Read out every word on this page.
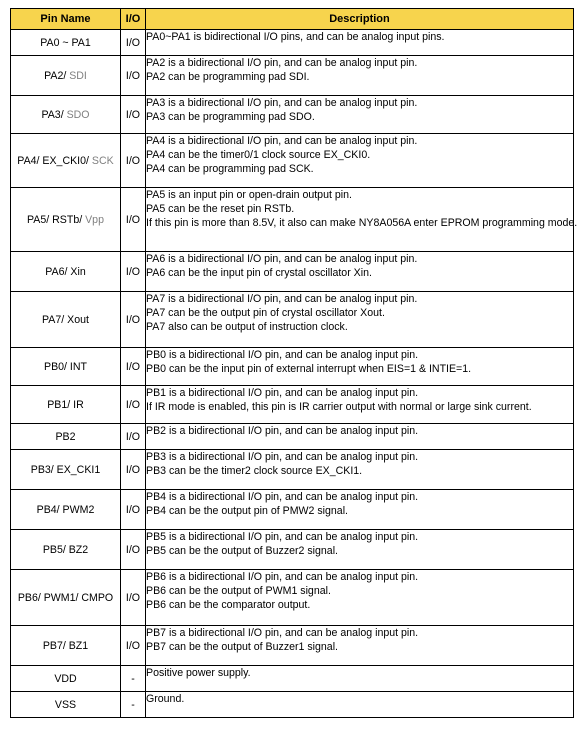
Pin Name	I/O	Description
PA0 ~ PA1	I/O	PA0~PA1 is bidirectional I/O pins, and can be analog input pins.

PA2/ SDI	I/O	PA2 is a bidirectional I/O pin, and can be analog input pin.
PA2 can be programming pad SDI.

PA3/ SDO	I/O	PA3 is a bidirectional I/O pin, and can be analog input pin.
PA3 can be programming pad SDO.

PA4/ EX_CKI0/ SCK	I/O	PA4 is a bidirectional I/O pin, and can be analog input pin.
PA4 can be the timer0/1 clock source EX_CKI0.
PA4 can be programming pad SCK.

PA5/ RSTb/ Vpp	I/O	PA5 is an input pin or open-drain output pin.
PA5 can be the reset pin RSTb.
If this pin is more than 8.5V, it also can make NY8A056A enter EPROM programming mode.

PA6/ Xin	I/O	PA6 is a bidirectional I/O pin, and can be analog input pin.
PA6 can be the input pin of crystal oscillator Xin.

PA7/ Xout	I/O	PA7 is a bidirectional I/O pin, and can be analog input pin.
PA7 can be the output pin of crystal oscillator Xout.
PA7 also can be output of instruction clock.

PB0/ INT	I/O	PB0 is a bidirectional I/O pin, and can be analog input pin.
PB0 can be the input pin of external interrupt when EIS=1 & INTIE=1.

PB1/ IR	I/O	PB1 is a bidirectional I/O pin, and can be analog input pin.
If IR mode is enabled, this pin is IR carrier output with normal or large sink current.

PB2	I/O	PB2 is a bidirectional I/O pin, and can be analog input pin.

PB3/ EX_CKI1	I/O	PB3 is a bidirectional I/O pin, and can be analog input pin.
PB3 can be the timer2 clock source EX_CKI1.

PB4/ PWM2	I/O	PB4 is a bidirectional I/O pin, and can be analog input pin.
PB4 can be the output pin of PMW2 signal.

PB5/ BZ2	I/O	PB5 is a bidirectional I/O pin, and can be analog input pin.
PB5 can be the output of Buzzer2 signal.

PB6/ PWM1/ CMPO	I/O	PB6 is a bidirectional I/O pin, and can be analog input pin.
PB6 can be the output of PWM1 signal.
PB6 can be the comparator output.

PB7/ BZ1	I/O	PB7 is a bidirectional I/O pin, and can be analog input pin.
PB7 can be the output of Buzzer1 signal.

VDD	-	Positive power supply.

VSS	-	Ground.
